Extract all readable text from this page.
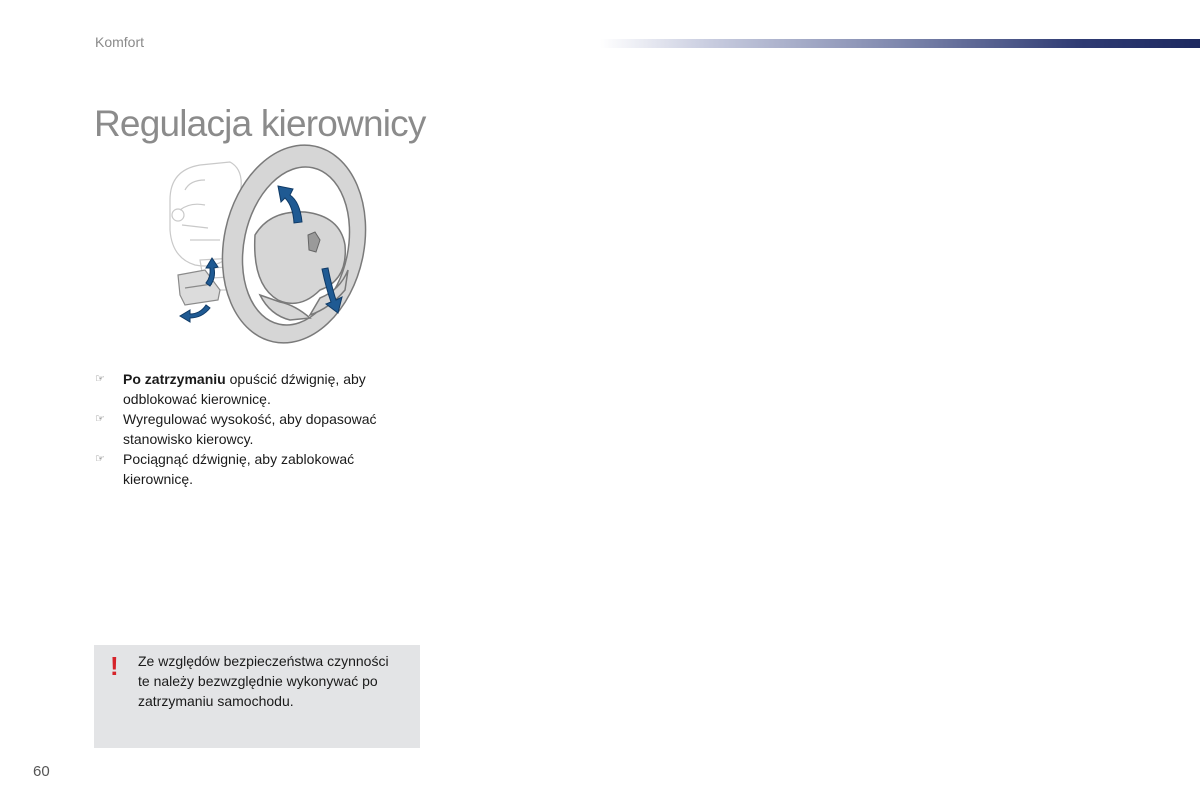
Komfort
Regulacja kierownicy
☞ Po zatrzymaniu opuścić dźwignię, aby odblokować kierownicę.
☞ Wyregulować wysokość, aby dopasować stanowisko kierowcy.
☞ Pociągnąć dźwignię, aby zablokować kierownicę.
! Ze względów bezpieczeństwa czynności te należy bezwzględnie wykonywać po zatrzymaniu samochodu.
60
